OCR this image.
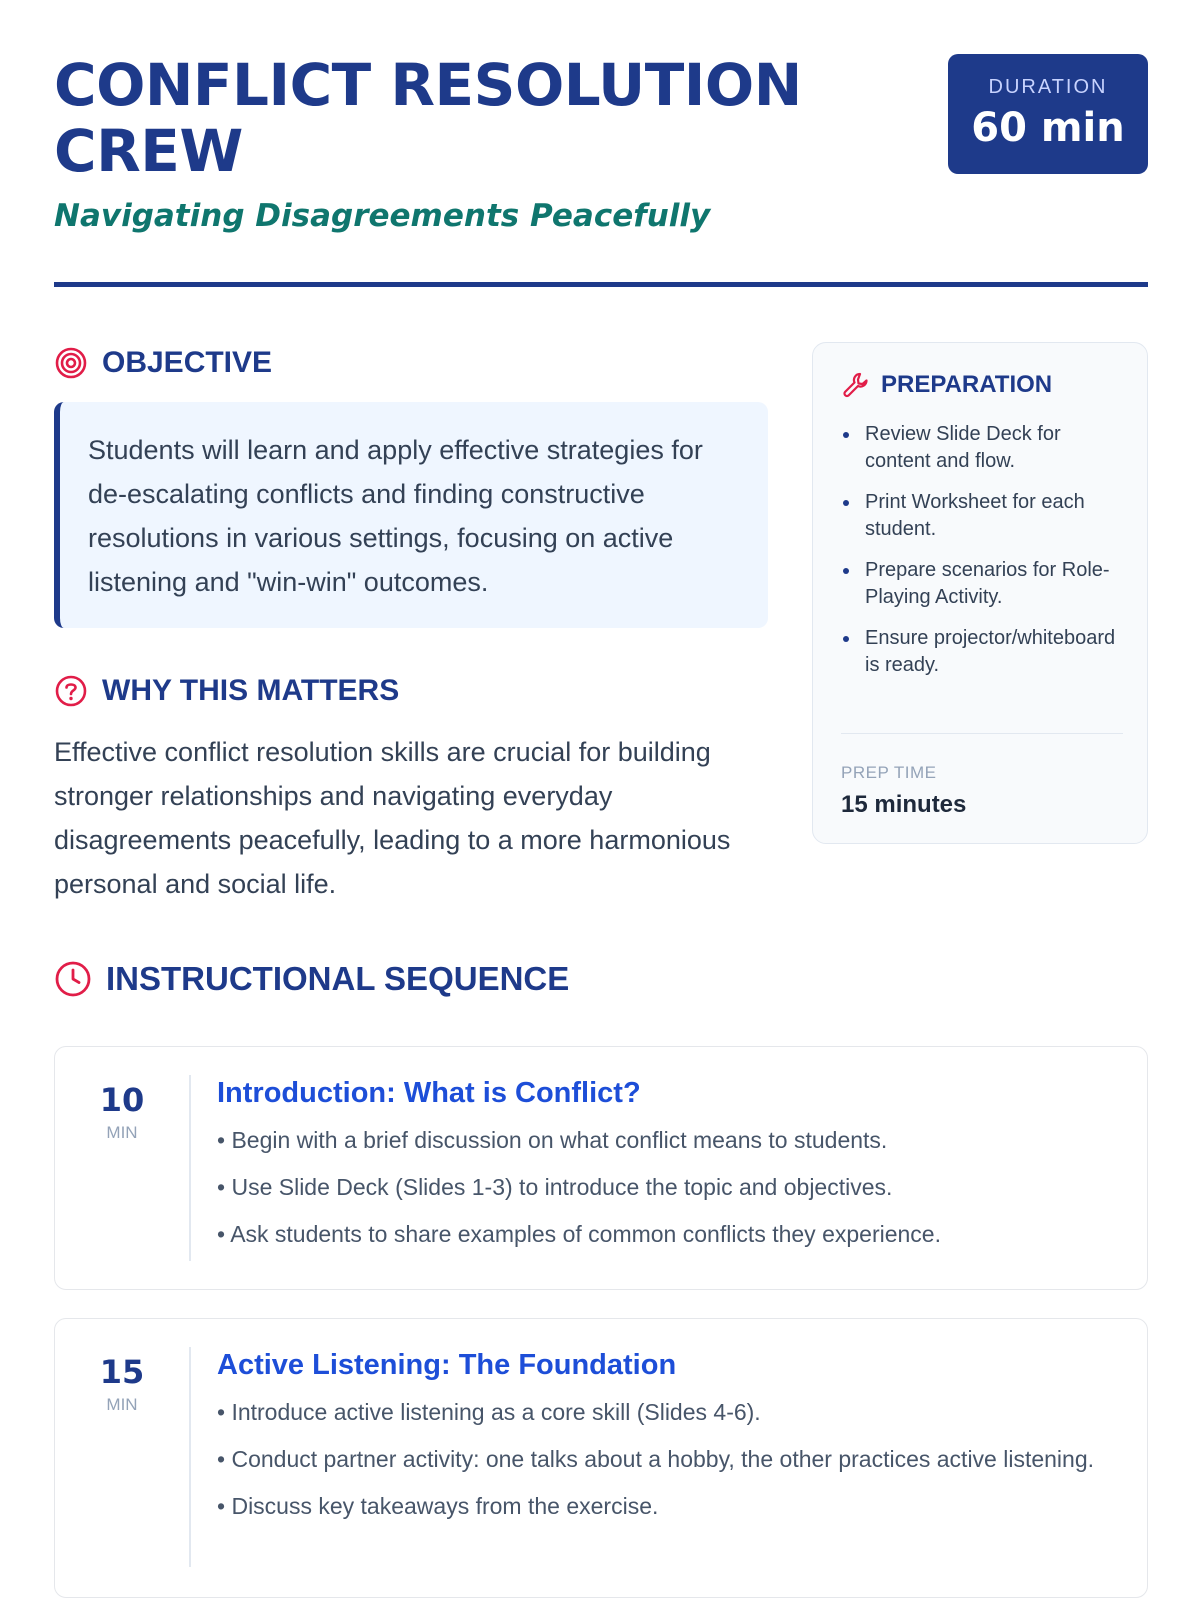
CONFLICT RESOLUTION CREW
Navigating Disagreements Peacefully
DURATION
60 min
OBJECTIVE
Students will learn and apply effective strategies for de-escalating conflicts and finding constructive resolutions in various settings, focusing on active listening and "win-win" outcomes.
WHY THIS MATTERS

Effective conflict resolution skills are crucial for building stronger relationships and navigating everyday disagreements peacefully, leading to a more harmonious personal and social life.

PREPARATION
Review Slide Deck for content and flow.
Print Worksheet for each student.
Prepare scenarios for Role-Playing Activity.
Ensure projector/whiteboard is ready.
PREP TIME
15 minutes
INSTRUCTIONAL SEQUENCE
10
MIN
Introduction: What is Conflict?
• Begin with a brief discussion on what conflict means to students.
• Use Slide Deck (Slides 1-3) to introduce the topic and objectives.
• Ask students to share examples of common conflicts they experience.
15
MIN
Active Listening: The Foundation
• Introduce active listening as a core skill (Slides 4-6).
• Conduct partner activity: one talks about a hobby, the other practices active listening.
• Discuss key takeaways from the exercise.
